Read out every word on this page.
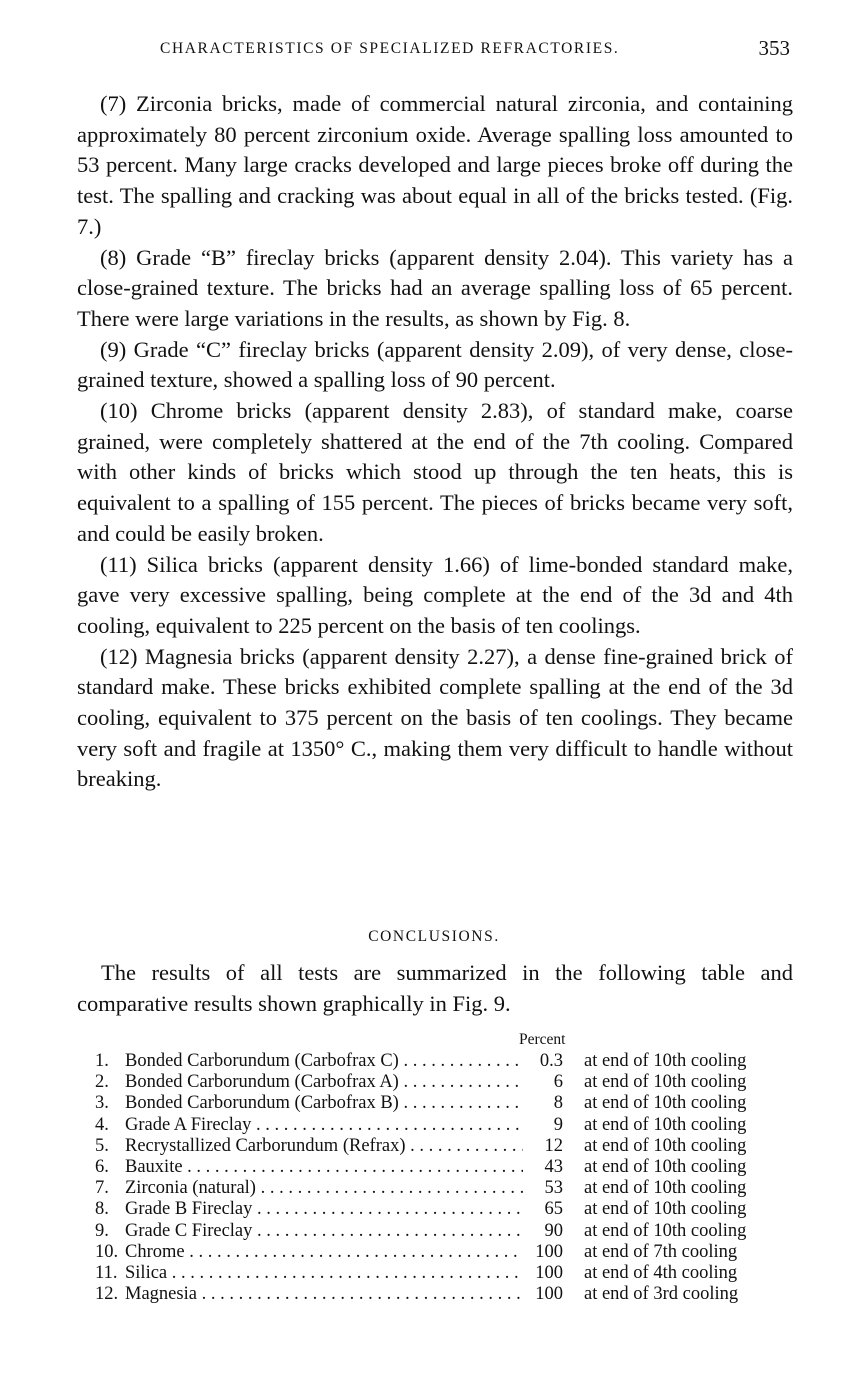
CHARACTERISTICS OF SPECIALIZED REFRACTORIES.	353

(7) Zirconia bricks, made of commercial natural zirconia, and containing approximately 80 percent zirconium oxide. Average spalling loss amounted to 53 percent. Many large cracks developed and large pieces broke off during the test. The spalling and cracking was about equal in all of the bricks tested. (Fig. 7.)

(8) Grade “B” fireclay bricks (apparent density 2.04). This variety has a close-grained texture. The bricks had an average spalling loss of 65 percent. There were large variations in the results, as shown by Fig. 8.

(9) Grade “C” fireclay bricks (apparent density 2.09), of very dense, close-grained texture, showed a spalling loss of 90 percent.

(10) Chrome bricks (apparent density 2.83), of standard make, coarse grained, were completely shattered at the end of the 7th cooling. Compared with other kinds of bricks which stood up through the ten heats, this is equivalent to a spalling of 155 percent. The pieces of bricks became very soft, and could be easily broken.

(11) Silica bricks (apparent density 1.66) of lime-bonded standard make, gave very excessive spalling, being complete at the end of the 3d and 4th cooling, equivalent to 225 percent on the basis of ten coolings.

(12) Magnesia bricks (apparent density 2.27), a dense fine-grained brick of standard make. These bricks exhibited complete spalling at the end of the 3d cooling, equivalent to 375 percent on the basis of ten coolings. They became very soft and fragile at 1350° C., making them very difficult to handle without breaking.

CONCLUSIONS.

The results of all tests are summarized in the following table and comparative results shown graphically in Fig. 9.

Percent
1. Bonded Carborundum (Carbofrax C) . . .	0.3 at end of 10th cooling
2. Bonded Carborundum (Carbofrax A) . . .	6 at end of 10th cooling
3. Bonded Carborundum (Carbofrax B) . . .	8 at end of 10th cooling
4. Grade A Fireclay . . .	9 at end of 10th cooling
5. Recrystallized Carborundum (Refrax) . . .	12 at end of 10th cooling
6. Bauxite . . .	43 at end of 10th cooling
7. Zirconia (natural) . . .	53 at end of 10th cooling
8. Grade B Fireclay . . .	65 at end of 10th cooling
9. Grade C Fireclay . . .	90 at end of 10th cooling
10. Chrome . . .	100 at end of 7th cooling
11. Silica . . .	100 at end of 4th cooling
12. Magnesia . . .	100 at end of 3rd cooling
